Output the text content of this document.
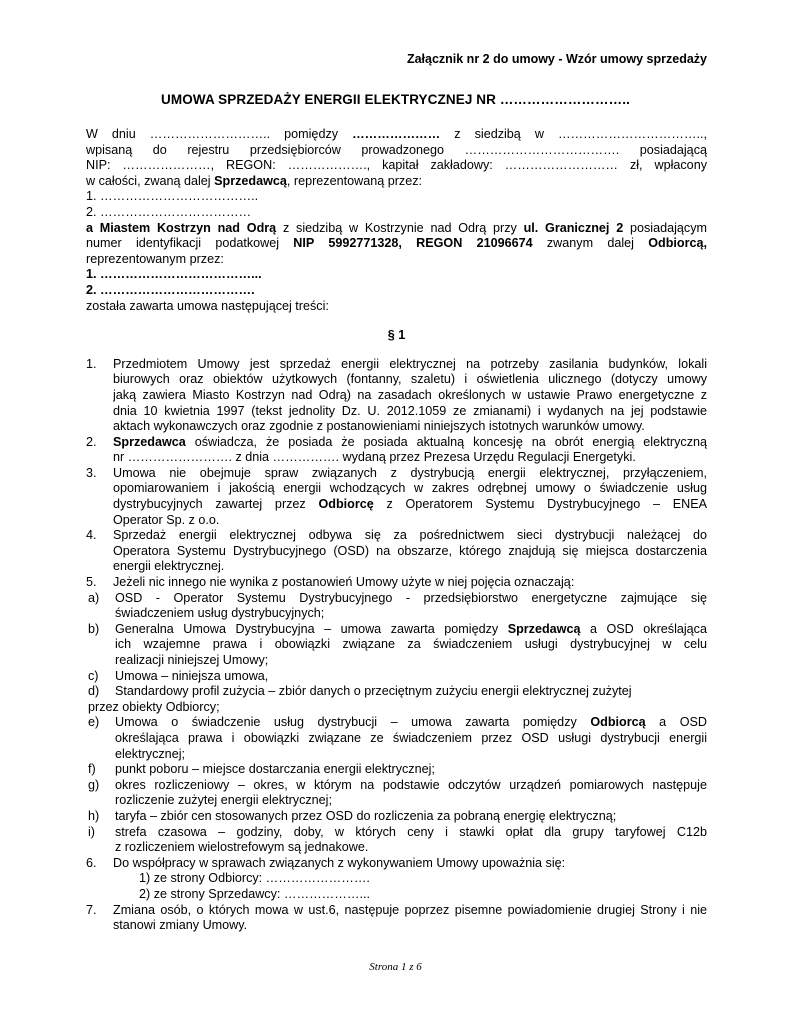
Załącznik nr 2 do umowy - Wzór umowy sprzedaży
UMOWA SPRZEDAŻY ENERGII ELEKTRYCZNEJ NR ………………………..
W dniu ……………………….. pomiędzy ………………… z siedzibą w ……………………………..,
wpisaną do rejestru przedsiębiorców prowadzonego ………………………………. posiadającą
NIP: …………………, REGON: ………………., kapitał zakładowy: ……………………… zł, wpłacony
w całości, zwaną dalej Sprzedawcą, reprezentowaną przez:
1. ………………………………..
2. ………………………………
a Miastem Kostrzyn nad Odrą z siedzibą w Kostrzynie nad Odrą przy ul. Granicznej 2 posiadającym
numer identyfikacji podatkowej NIP 5992771328, REGON 21096674 zwanym dalej Odbiorcą,
reprezentowanym przez:
1. ………………………………...
2. ……………………………….
została zawarta umowa następującej treści:
§ 1
1.	Przedmiotem Umowy jest sprzedaż energii elektrycznej na potrzeby zasilania budynków, lokali
biurowych oraz obiektów użytkowych (fontanny, szaletu) i oświetlenia ulicznego (dotyczy umowy
jaką zawiera Miasto Kostrzyn nad Odrą) na zasadach określonych w ustawie Prawo energetyczne z
dnia 10 kwietnia 1997 (tekst jednolity Dz. U. 2012.1059 ze zmianami) i wydanych na jej podstawie
aktach wykonawczych oraz zgodnie z postanowieniami niniejszych istotnych warunków umowy.
2.	Sprzedawca oświadcza, że posiada że posiada aktualną koncesję na obrót energią elektryczną
nr ……………………. z dnia ……………. wydaną przez Prezesa Urzędu Regulacji Energetyki.
3.	Umowa nie obejmuje spraw związanych z dystrybucją energii elektrycznej, przyłączeniem,
opomiarowaniem i jakością energii wchodzących w zakres odrębnej umowy o świadczenie usług
dystrybucyjnych zawartej przez Odbiorcę z Operatorem Systemu Dystrybucyjnego – ENEA
Operator Sp. z o.o.
4.	Sprzedaż energii elektrycznej odbywa się za pośrednictwem sieci dystrybucji należącej do
Operatora Systemu Dystrybucyjnego (OSD) na obszarze, którego znajdują się miejsca dostarczenia
energii elektrycznej.
5.	Jeżeli nic innego nie wynika z postanowień Umowy użyte w niej pojęcia oznaczają:
a)	OSD - Operator Systemu Dystrybucyjnego - przedsiębiorstwo energetyczne zajmujące się
świadczeniem usług dystrybucyjnych;
b)	Generalna Umowa Dystrybucyjna – umowa zawarta pomiędzy Sprzedawcą a OSD określająca
ich wzajemne prawa i obowiązki związane za świadczeniem usługi dystrybucyjnej w celu
realizacji niniejszej Umowy;
c)	Umowa – niniejsza umowa,
d)	Standardowy profil zużycia – zbiór danych o przeciętnym zużyciu energii elektrycznej zużytej
przez obiekty Odbiorcy;
e)	Umowa o świadczenie usług dystrybucji – umowa zawarta pomiędzy Odbiorcą a OSD
określająca prawa i obowiązki związane ze świadczeniem przez OSD usługi dystrybucji energii
elektrycznej;
f)	punkt poboru – miejsce dostarczania energii elektrycznej;
g)	okres rozliczeniowy – okres, w którym na podstawie odczytów urządzeń pomiarowych następuje
rozliczenie zużytej energii elektrycznej;
h)	taryfa – zbiór cen stosowanych przez OSD do rozliczenia za pobraną energię elektryczną;
i)	strefa czasowa – godziny, doby, w których ceny i stawki opłat dla grupy taryfowej C12b
z rozliczeniem wielostrefowym są jednakowe.
6.	Do współpracy w sprawach związanych z wykonywaniem Umowy upoważnia się:
1) ze strony Odbiorcy: …………………….
2) ze strony Sprzedawcy: ………………...
7.	Zmiana osób, o których mowa w ust.6, następuje poprzez pisemne powiadomienie drugiej Strony i nie
stanowi zmiany Umowy.
Strona 1 z 6
